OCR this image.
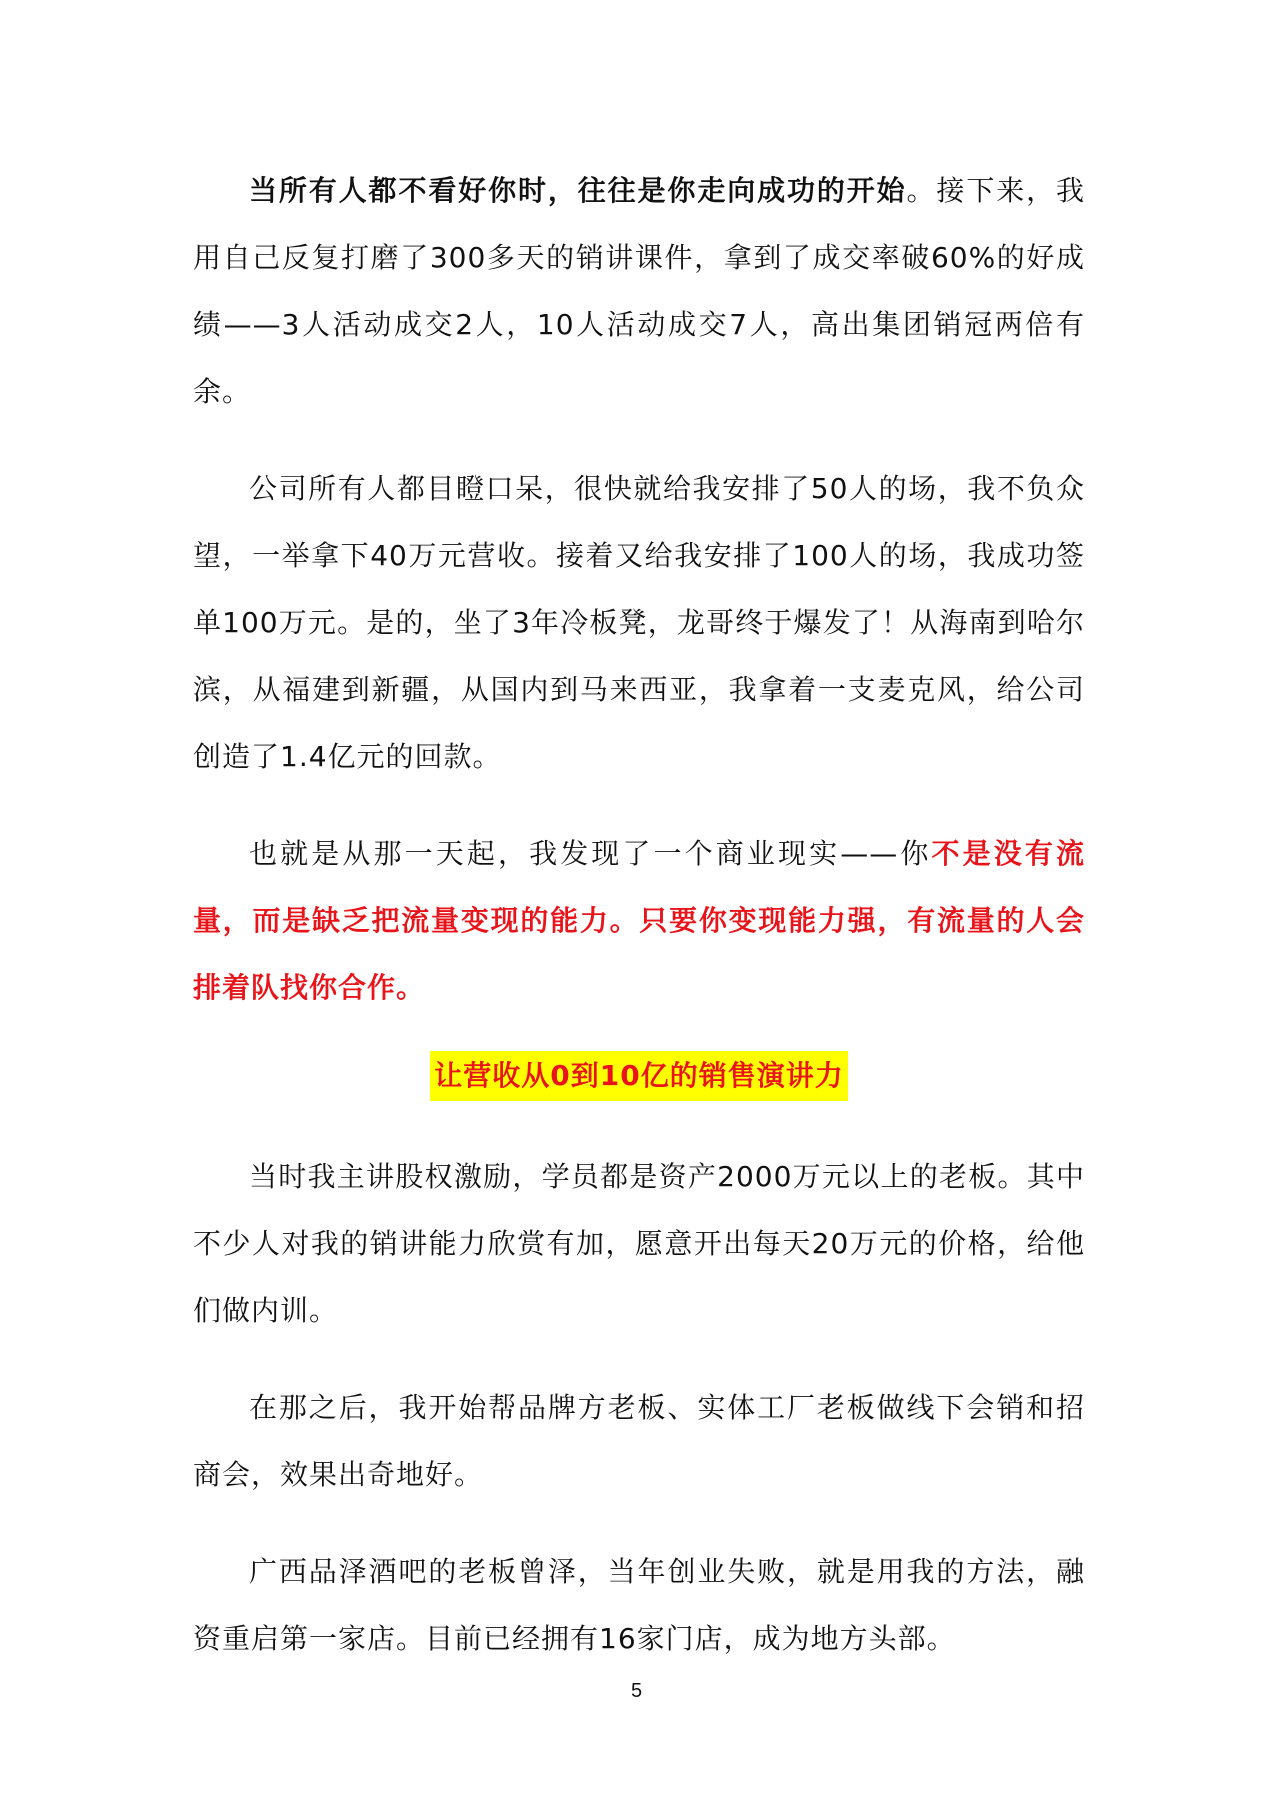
当所有人都不看好你时，往往是你走向成功的开始。接下来，我用自己反复打磨了300多天的销讲课件，拿到了成交率破60%的好成绩——3人活动成交2人，10人活动成交7人，高出集团销冠两倍有余。

公司所有人都目瞪口呆，很快就给我安排了50人的场，我不负众望，一举拿下40万元营收。接着又给我安排了100人的场，我成功签单100万元。是的，坐了3年冷板凳，龙哥终于爆发了！从海南到哈尔滨，从福建到新疆，从国内到马来西亚，我拿着一支麦克风，给公司创造了1.4亿元的回款。

也就是从那一天起，我发现了一个商业现实——你不是没有流量，而是缺乏把流量变现的能力。只要你变现能力强，有流量的人会排着队找你合作。

让营收从0到10亿的销售演讲力

当时我主讲股权激励，学员都是资产2000万元以上的老板。其中不少人对我的销讲能力欣赏有加，愿意开出每天20万元的价格，给他们做内训。

在那之后，我开始帮品牌方老板、实体工厂老板做线下会销和招商会，效果出奇地好。

广西品泽酒吧的老板曾泽，当年创业失败，就是用我的方法，融资重启第一家店。目前已经拥有16家门店，成为地方头部。

5
